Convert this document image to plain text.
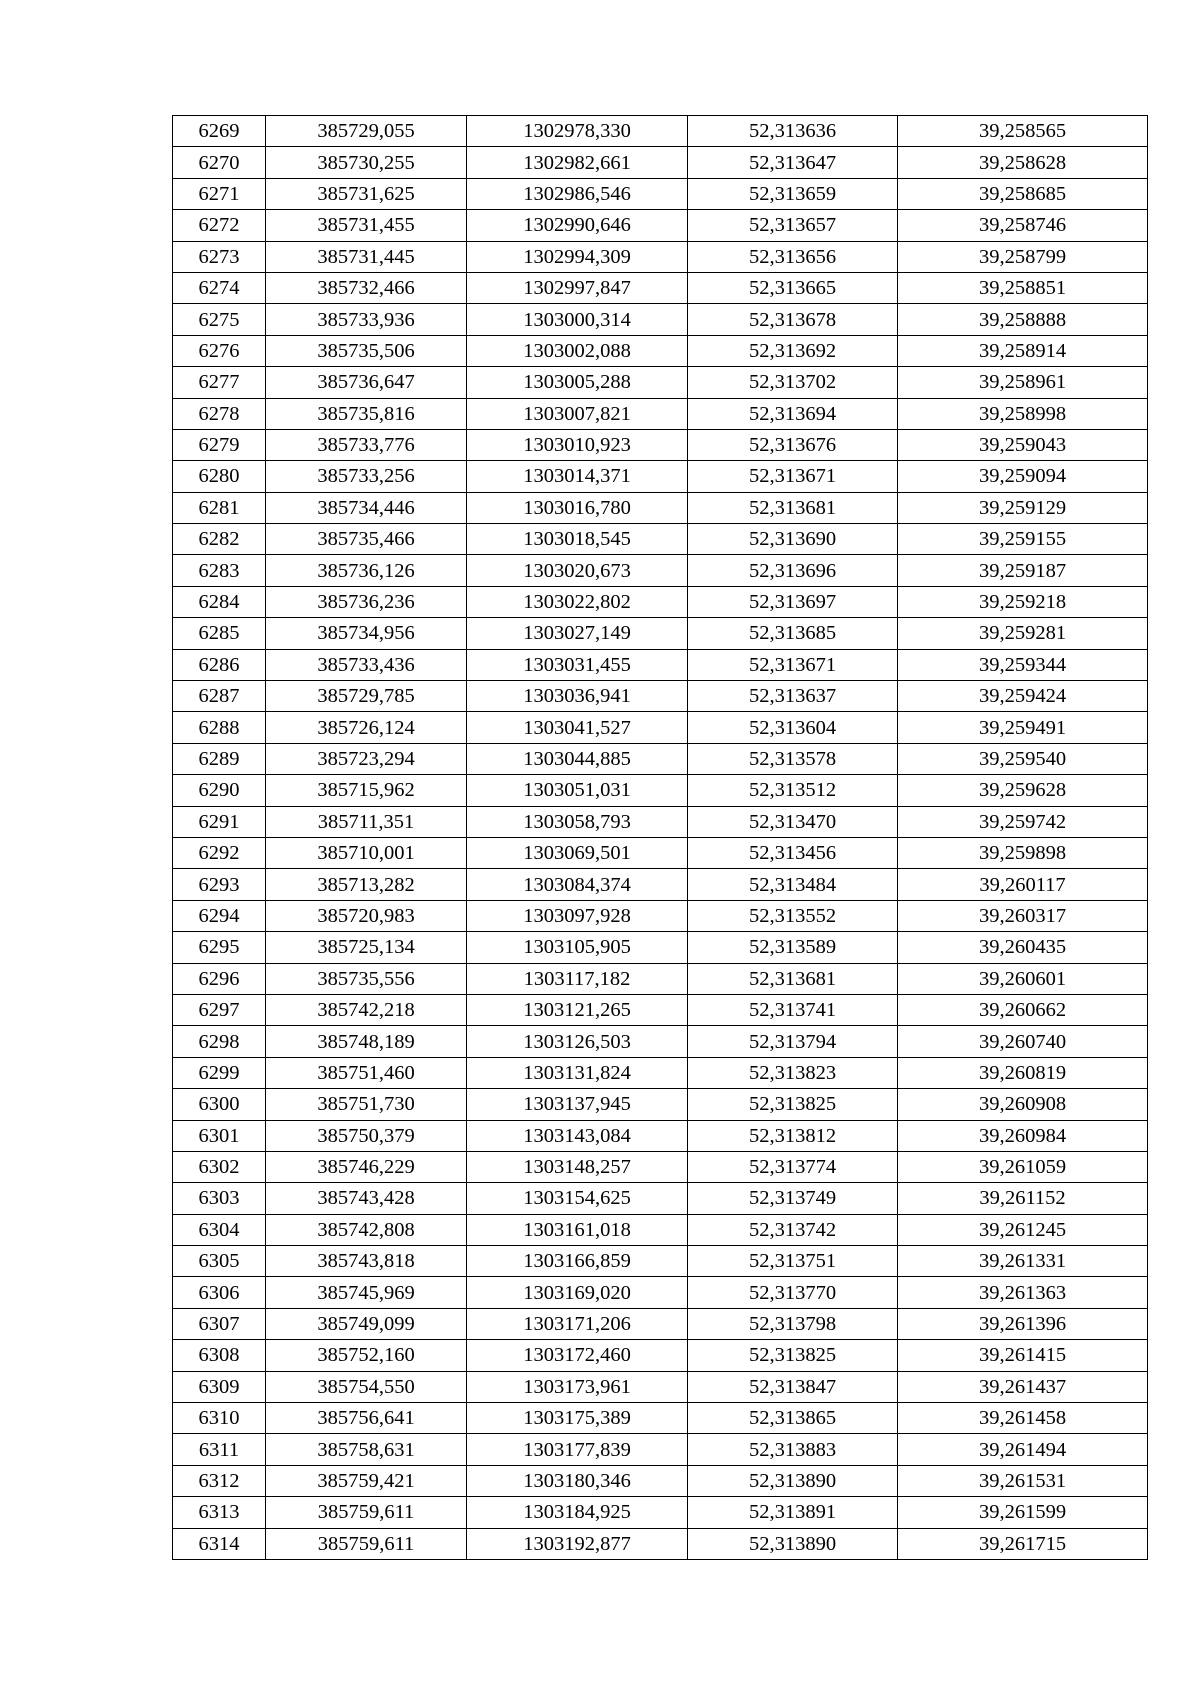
6269	385729,055	1302978,330	52,313636	39,258565
6270	385730,255	1302982,661	52,313647	39,258628
6271	385731,625	1302986,546	52,313659	39,258685
6272	385731,455	1302990,646	52,313657	39,258746
6273	385731,445	1302994,309	52,313656	39,258799
6274	385732,466	1302997,847	52,313665	39,258851
6275	385733,936	1303000,314	52,313678	39,258888
6276	385735,506	1303002,088	52,313692	39,258914
6277	385736,647	1303005,288	52,313702	39,258961
6278	385735,816	1303007,821	52,313694	39,258998
6279	385733,776	1303010,923	52,313676	39,259043
6280	385733,256	1303014,371	52,313671	39,259094
6281	385734,446	1303016,780	52,313681	39,259129
6282	385735,466	1303018,545	52,313690	39,259155
6283	385736,126	1303020,673	52,313696	39,259187
6284	385736,236	1303022,802	52,313697	39,259218
6285	385734,956	1303027,149	52,313685	39,259281
6286	385733,436	1303031,455	52,313671	39,259344
6287	385729,785	1303036,941	52,313637	39,259424
6288	385726,124	1303041,527	52,313604	39,259491
6289	385723,294	1303044,885	52,313578	39,259540
6290	385715,962	1303051,031	52,313512	39,259628
6291	385711,351	1303058,793	52,313470	39,259742
6292	385710,001	1303069,501	52,313456	39,259898
6293	385713,282	1303084,374	52,313484	39,260117
6294	385720,983	1303097,928	52,313552	39,260317
6295	385725,134	1303105,905	52,313589	39,260435
6296	385735,556	1303117,182	52,313681	39,260601
6297	385742,218	1303121,265	52,313741	39,260662
6298	385748,189	1303126,503	52,313794	39,260740
6299	385751,460	1303131,824	52,313823	39,260819
6300	385751,730	1303137,945	52,313825	39,260908
6301	385750,379	1303143,084	52,313812	39,260984
6302	385746,229	1303148,257	52,313774	39,261059
6303	385743,428	1303154,625	52,313749	39,261152
6304	385742,808	1303161,018	52,313742	39,261245
6305	385743,818	1303166,859	52,313751	39,261331
6306	385745,969	1303169,020	52,313770	39,261363
6307	385749,099	1303171,206	52,313798	39,261396
6308	385752,160	1303172,460	52,313825	39,261415
6309	385754,550	1303173,961	52,313847	39,261437
6310	385756,641	1303175,389	52,313865	39,261458
6311	385758,631	1303177,839	52,313883	39,261494
6312	385759,421	1303180,346	52,313890	39,261531
6313	385759,611	1303184,925	52,313891	39,261599
6314	385759,611	1303192,877	52,313890	39,261715
